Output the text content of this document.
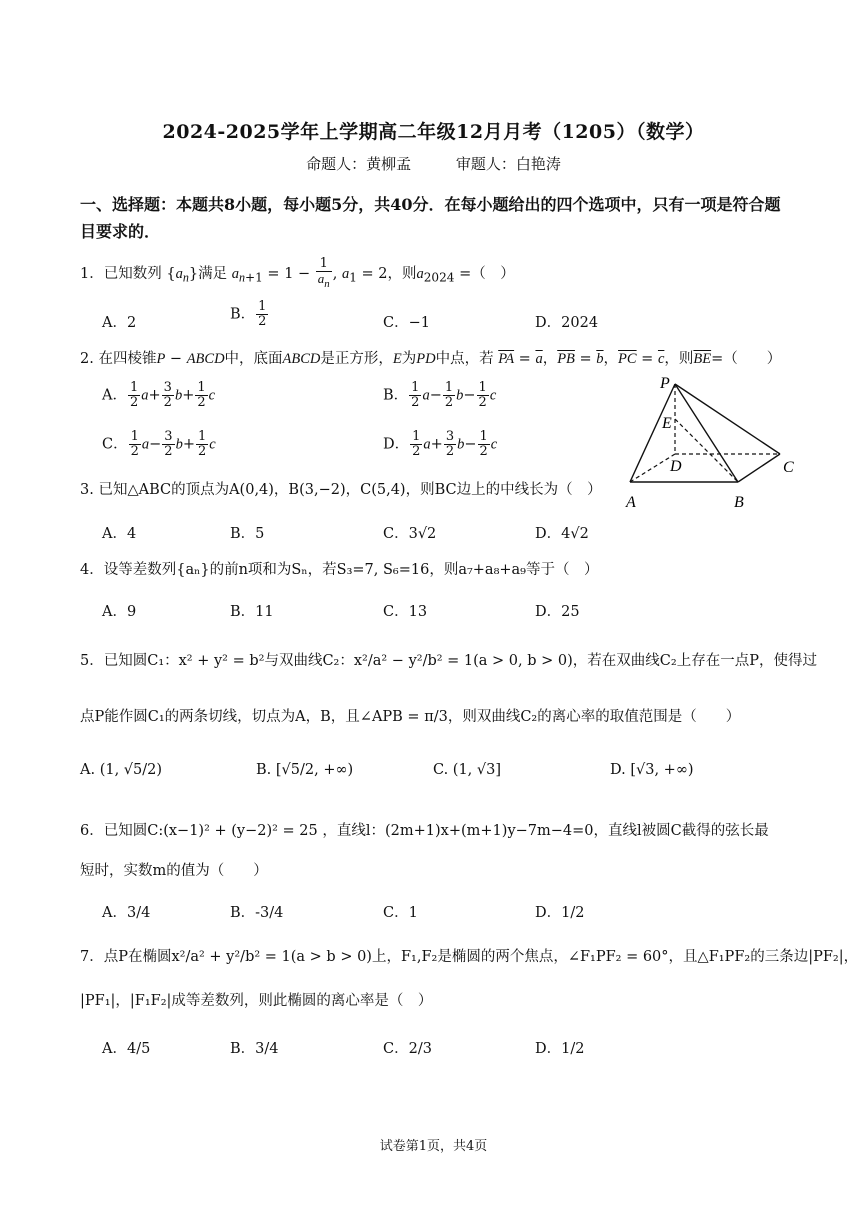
2024-2025学年上学期高二年级12月月考（1205）（数学）
命题人：黄柳孟	审题人：白艳涛
一、选择题：本题共8小题，每小题5分，共40分．在每小题给出的四个选项中，只有一项是符合题目要求的．
1．已知数列 $\{a_n\}$满足 $a_{n+1} = 1 - \frac{1}{a_n}$ , $a_1 = 2$，则$a_{2024}$ =（　）
A．2
B． $\frac{1}{2}$	C．−1	D．2024
2. 在四棱锥P − ABCD中，底面ABCD是正方形，E为PD中点，若 $\overline{PA} = \overline{a}$，$\overline{PB} = \overline{b}$，$\overline{PC} = \overline{c}$，则$\overline{BE}=$（　　）
A． $\frac{1}{2} a+ \frac{3}{2} b+ \frac{1}{2}$ c	B． $\frac{1}{2} a- \frac{1}{2} b- \frac{1}{2}$ c
C． $\frac{1}{2} a- \frac{3}{2} b+ \frac{1}{2}$ c	D． $\frac{1}{2} a+ \frac{3}{2} b- \frac{1}{2}$ c
P
E
D	C
A	B
3. 已知△ABC的顶点为A(0,4)，B(3,−2)，C(5,4)，则BC边上的中线长为（　）
A．4	B．5	C．3√2	D．4√2
4．设等差数列{aₙ}的前n项和为Sₙ，若S₃=7, S₆=16，则a₇+a₈+a₉等于（　）
A．9	B．11	C．13	D．25
5．已知圆C₁：x² + y² = b²与双曲线C₂：x²/a² − y²/b² = 1(a > 0, b > 0)，若在双曲线C₂上存在一点P，使得过
点P能作圆C₁的两条切线，切点为A，B，且∠APB = π/3，则双曲线C₂的离心率的取值范围是（　　）
A. (1, √5/2)	B. [√5/2, +∞)	C. (1, √3]	D. [√3, +∞)
6．已知圆C:(x−1)² + (y−2)² = 25 ，直线l：(2m+1)x+(m+1)y−7m−4=0，直线l被圆C截得的弦长最
短时，实数m的值为（　　）
A．3/4	B．-3/4	C．1	D．1/2
7．点P在椭圆x²/a² + y²/b² = 1(a > b > 0)上，F₁,F₂是椭圆的两个焦点，∠F₁PF₂ = 60°，且△F₁PF₂的三条边|PF₂|，
|PF₁|，|F₁F₂|成等差数列，则此椭圆的离心率是（　）
A．4/5	B．3/4	C．2/3	D．1/2
试卷第1页，共4页
